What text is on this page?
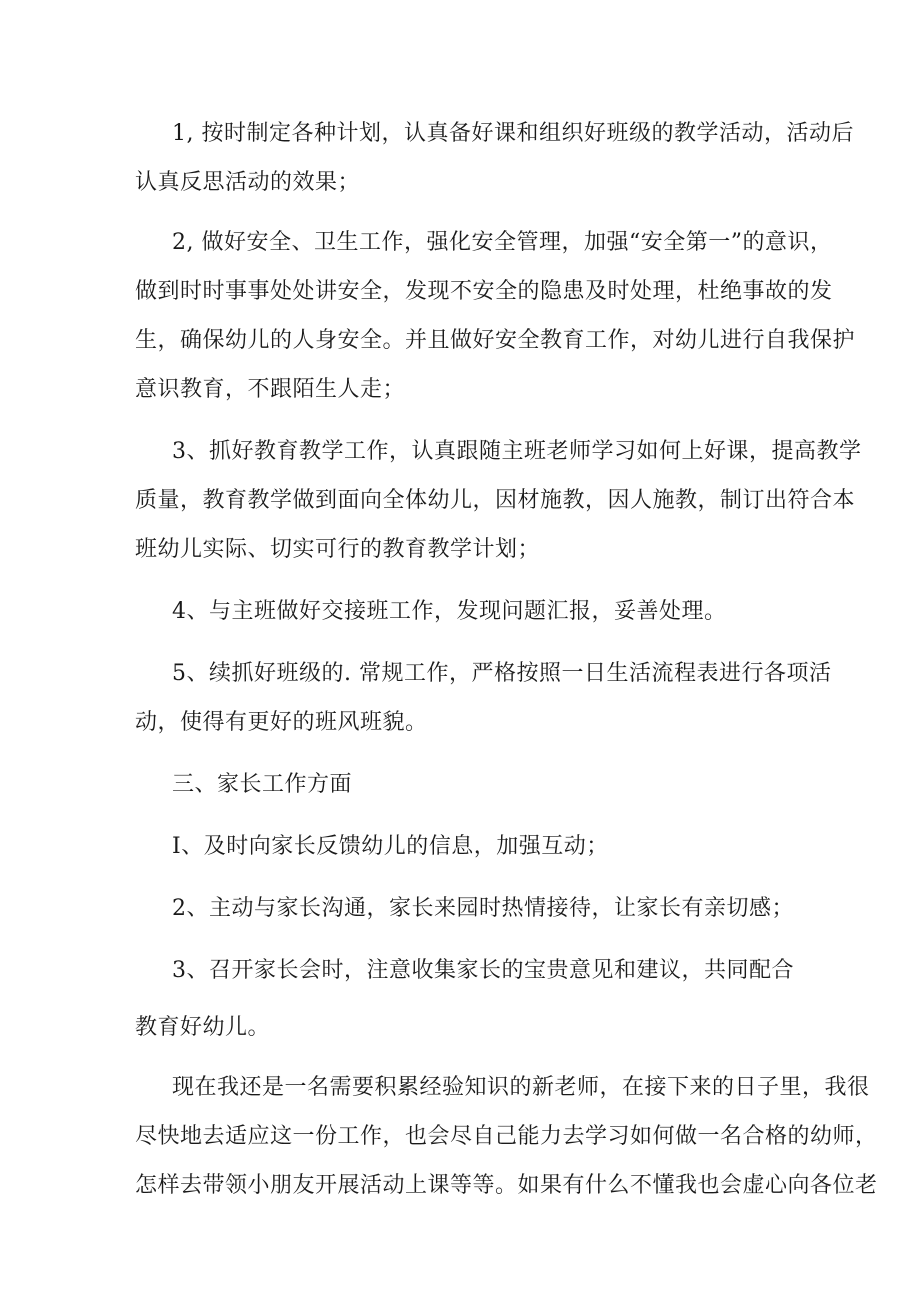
1, 按时制定各种计划，认真备好课和组织好班级的教学活动，活动后
认真反思活动的效果；
2, 做好安全、卫生工作，强化安全管理，加强“安全第一”的意识，
做到时时事事处处讲安全，发现不安全的隐患及时处理，杜绝事故的发
生，确保幼儿的人身安全。并且做好安全教育工作，对幼儿进行自我保护
意识教育，不跟陌生人走；
3、抓好教育教学工作，认真跟随主班老师学习如何上好课，提高教学
质量，教育教学做到面向全体幼儿，因材施教，因人施教，制订出符合本
班幼儿实际、切实可行的教育教学计划；
4、与主班做好交接班工作，发现问题汇报，妥善处理。
5、续抓好班级的. 常规工作，严格按照一日生活流程表进行各项活
动，使得有更好的班风班貌。
三、家长工作方面
I、及时向家长反馈幼儿的信息，加强互动；
2、主动与家长沟通，家长来园时热情接待，让家长有亲切感；
3、召开家长会时，注意收集家长的宝贵意见和建议，共同配合
教育好幼儿。
现在我还是一名需要积累经验知识的新老师，在接下来的日子里，我很
尽快地去适应这一份工作，也会尽自己能力去学习如何做一名合格的幼师，
怎样去带领小朋友开展活动上课等等。如果有什么不懂我也会虚心向各位老
